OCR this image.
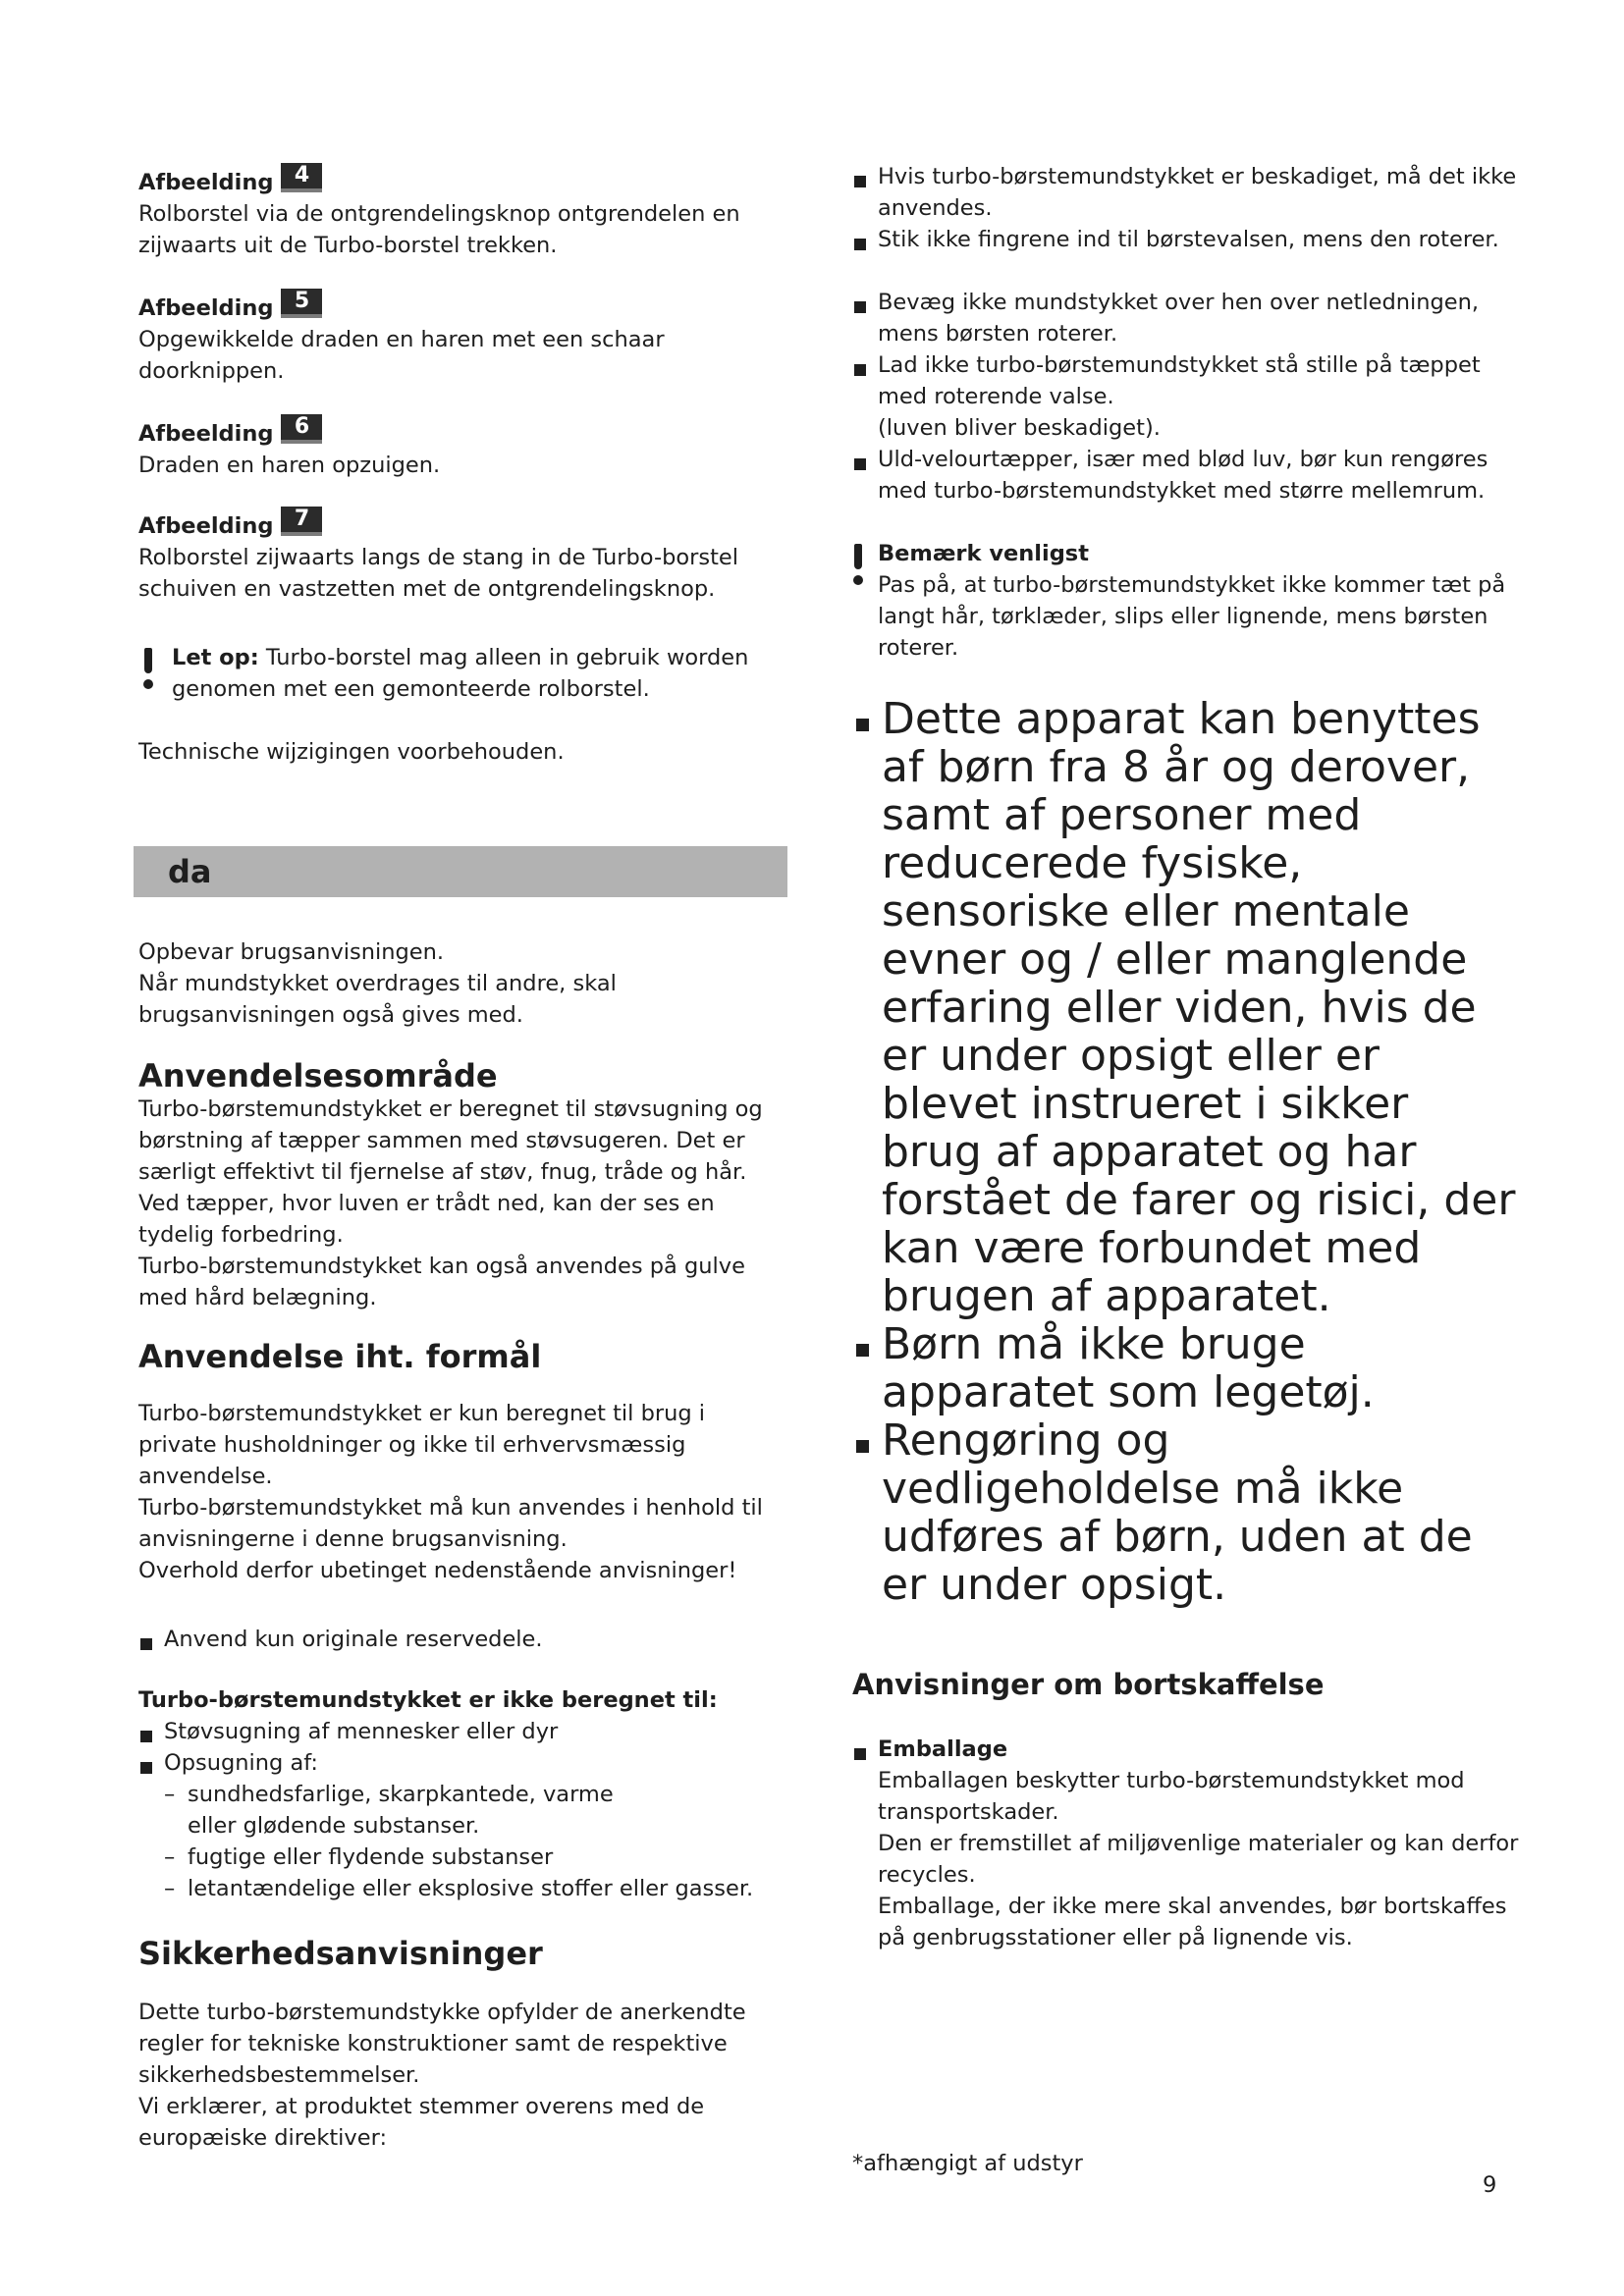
Afbeelding 4

Rolborstel via de ontgrendelingsknop ontgrendelen en zijwaarts uit de Turbo-borstel trekken.

Afbeelding 5

Opgewikkelde draden en haren met een schaar doorknippen.

Afbeelding 6

Draden en haren opzuigen.

Afbeelding 7

Rolborstel zijwaarts langs de stang in de Turbo-borstel schuiven en vastzetten met de ontgrendelingsknop.

Let op: Turbo-borstel mag alleen in gebruik worden genomen met een gemonteerde rolborstel.

Technische wijzigingen voorbehouden.

Opbevar brugsanvisningen.

Når mundstykket overdrages til andre, skal brugsanvisningen også gives med.

Anvendelsesområde

Turbo-børstemundstykket er beregnet til støvsugning og børstning af tæpper sammen med støvsugeren. Det er særligt effektivt til fjernelse af støv, fnug, tråde og hår. Ved tæpper, hvor luven er trådt ned, kan der ses en tydelig forbedring.

Turbo-børstemundstykket kan også anvendes på gulve med hård belægning.

Anvendelse iht. formål

Turbo-børstemundstykket er kun beregnet til brug i private husholdninger og ikke til erhvervsmæssig anvendelse.

Turbo-børstemundstykket må kun anvendes i henhold til anvisningerne i denne brugsanvisning.

Overhold derfor ubetinget nedenstående anvisninger!

Anvend kun originale reservedele.
Turbo-børstemundstykket er ikke beregnet til:
Støvsugning af mennesker eller dyr
Opsugning af:
– sundhedsfarlige, skarpkantede, varme eller glødende substanser.
– fugtige eller flydende substanser
– letantændelige eller eksplosive stoffer eller gasser.
Sikkerhedsanvisninger

Dette turbo-børstemundstykke opfylder de anerkendte regler for tekniske konstruktioner samt de respektive sikkerhedsbestemmelser.

Vi erklærer, at produktet stemmer overens med de europæiske direktiver:

da
Hvis turbo-børstemundstykket er beskadiget, må det ikke anvendes.
Stik ikke fingrene ind til børstevalsen, mens den roterer.
Bevæg ikke mundstykket over hen over netledningen, mens børsten roterer.
Lad ikke turbo-børstemundstykket stå stille på tæppet med roterende valse.

(luven bliver beskadiget).

Uld-velourtæpper, især med blød luv, bør kun rengøres med turbo-børstemundstykket med større mellemrum.
Bemærk venligst

Pas på, at turbo-børstemundstykket ikke kommer tæt på langt hår, tørklæder, slips eller lignende, mens børsten roterer.

Dette apparat kan benyttes af børn fra 8 år og derover, samt af personer med reducerede fysiske, sensoriske eller mentale evner og / eller manglende erfaring eller viden, hvis de er under opsigt eller er blevet instrueret i sikker brug af apparatet og har forstået de farer og risici, der kan være forbundet med brugen af apparatet.
Børn må ikke bruge apparatet som legetøj.
Rengøring og vedligeholdelse må ikke udføres af børn, uden at de er under opsigt.
Anvisninger om bortskaffelse
Emballage

Emballagen beskytter turbo-børstemundstykket mod transportskader.

Den er fremstillet af miljøvenlige materialer og kan derfor recycles.

Emballage, der ikke mere skal anvendes, bør bortskaffes på genbrugsstationer eller på lignende vis.

*afhængigt af udstyr

9
